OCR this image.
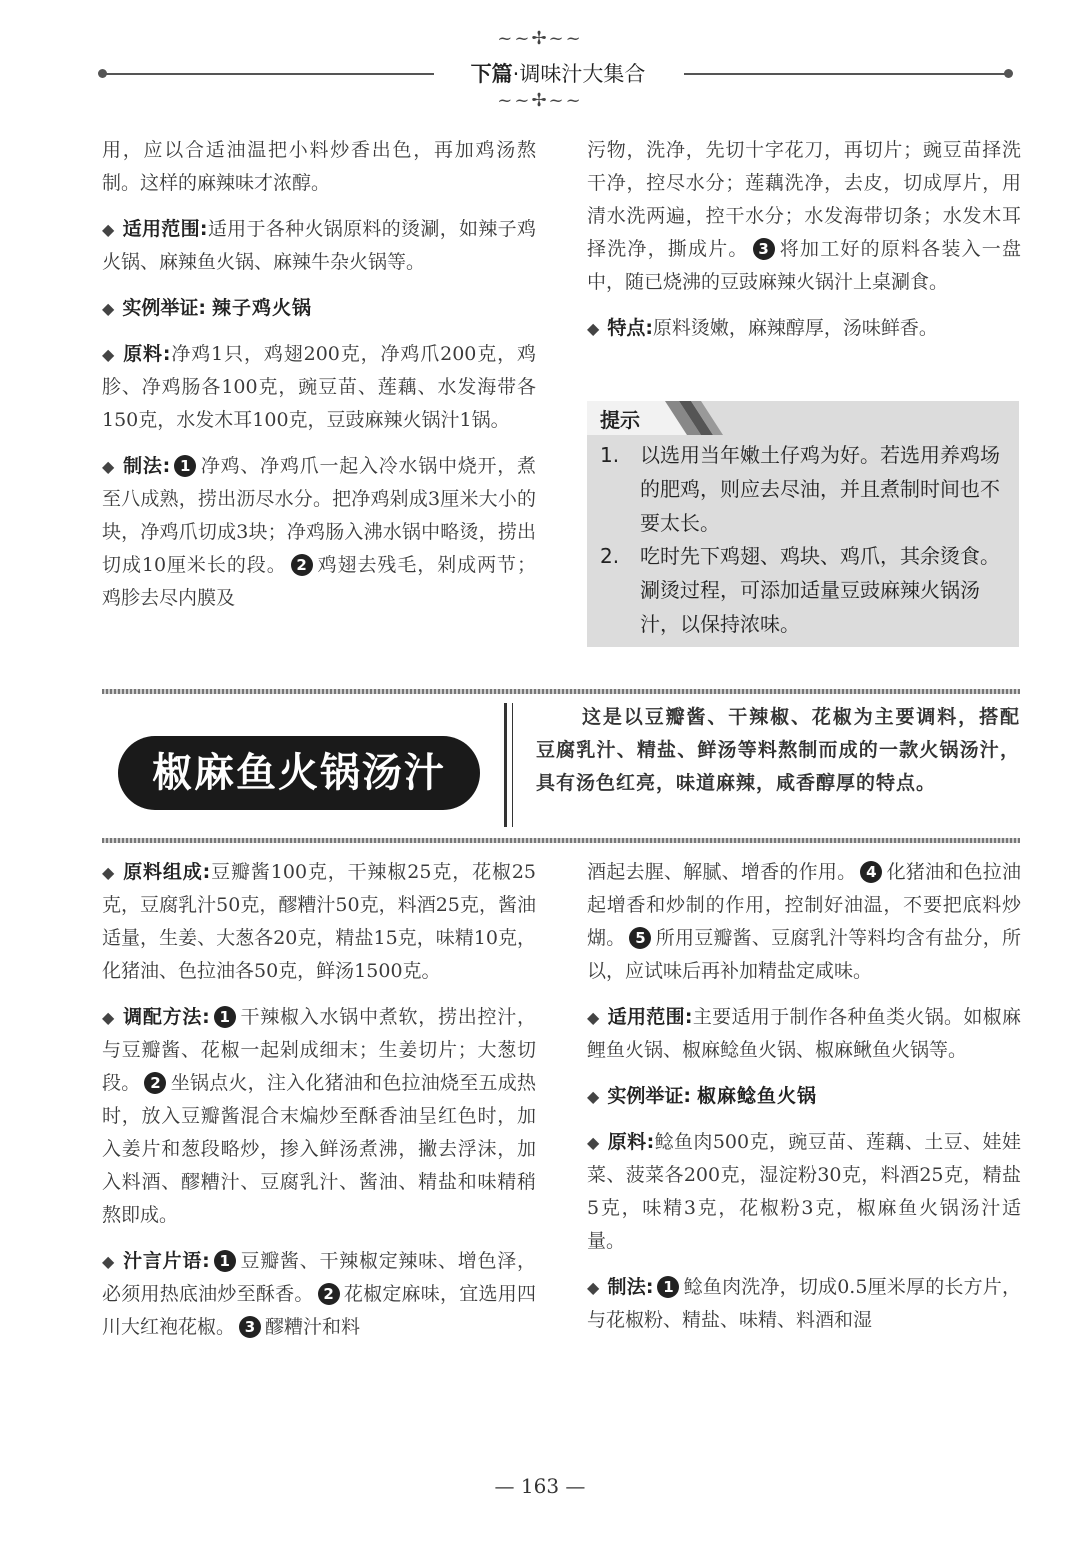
~~✢~~
下篇·调味汁大集合
~~✢~~

用，应以合适油温把小料炒香出色，再加鸡汤熬制。这样的麻辣味才浓醇。

◆ 适用范围:适用于各种火锅原料的烫涮，如辣子鸡火锅、麻辣鱼火锅、麻辣牛杂火锅等。

◆ 实例举证: 辣子鸡火锅

◆ 原料:净鸡1只，鸡翅200克，净鸡爪200克，鸡胗、净鸡肠各100克，豌豆苗、莲藕、水发海带各150克，水发木耳100克，豆豉麻辣火锅汁1锅。

◆ 制法: 1 净鸡、净鸡爪一起入冷水锅中烧开，煮至八成熟，捞出沥尽水分。把净鸡剁成3厘米大小的块，净鸡爪切成3块；净鸡肠入沸水锅中略烫，捞出切成10厘米长的段。 2 鸡翅去残毛，剁成两节；鸡胗去尽内膜及

污物，洗净，先切十字花刀，再切片；豌豆苗择洗干净，控尽水分；莲藕洗净，去皮，切成厚片，用清水洗两遍，控干水分；水发海带切条；水发木耳择洗净，撕成片。 3 将加工好的原料各装入一盘中，随已烧沸的豆豉麻辣火锅汁上桌涮食。

◆ 特点:原料烫嫩，麻辣醇厚，汤味鲜香。

提示
1. 以选用当年嫩土仔鸡为好。若选用养鸡场的肥鸡，则应去尽油，并且煮制时间也不要太长。
2. 吃时先下鸡翅、鸡块、鸡爪，其余烫食。涮烫过程，可添加适量豆豉麻辣火锅汤汁，以保持浓味。
椒麻鱼火锅汤汁
这是以豆瓣酱、干辣椒、花椒为主要调料，搭配豆腐乳汁、精盐、鲜汤等料熬制而成的一款火锅汤汁，具有汤色红亮，味道麻辣，咸香醇厚的特点。

◆ 原料组成:豆瓣酱100克，干辣椒25克，花椒25克，豆腐乳汁50克，醪糟汁50克，料酒25克，酱油适量，生姜、大葱各20克，精盐15克，味精10克，化猪油、色拉油各50克，鲜汤1500克。

◆ 调配方法: 1 干辣椒入水锅中煮软，捞出控汁，与豆瓣酱、花椒一起剁成细末；生姜切片；大葱切段。 2 坐锅点火，注入化猪油和色拉油烧至五成热时，放入豆瓣酱混合末煸炒至酥香油呈红色时，加入姜片和葱段略炒，掺入鲜汤煮沸，撇去浮沫，加入料酒、醪糟汁、豆腐乳汁、酱油、精盐和味精稍熬即成。

◆ 汁言片语: 1 豆瓣酱、干辣椒定辣味、增色泽，必须用热底油炒至酥香。 2 花椒定麻味，宜选用四川大红袍花椒。 3 醪糟汁和料

酒起去腥、解腻、增香的作用。 4 化猪油和色拉油起增香和炒制的作用，控制好油温，不要把底料炒煳。 5 所用豆瓣酱、豆腐乳汁等料均含有盐分，所以，应试味后再补加精盐定咸味。

◆ 适用范围:主要适用于制作各种鱼类火锅。如椒麻鲤鱼火锅、椒麻鲶鱼火锅、椒麻鳅鱼火锅等。

◆ 实例举证: 椒麻鲶鱼火锅

◆ 原料:鲶鱼肉500克，豌豆苗、莲藕、土豆、娃娃菜、菠菜各200克，湿淀粉30克，料酒25克，精盐5克，味精3克，花椒粉3克，椒麻鱼火锅汤汁适量。

◆ 制法: 1 鲶鱼肉洗净，切成0.5厘米厚的长方片，与花椒粉、精盐、味精、料酒和湿

— 163 —
